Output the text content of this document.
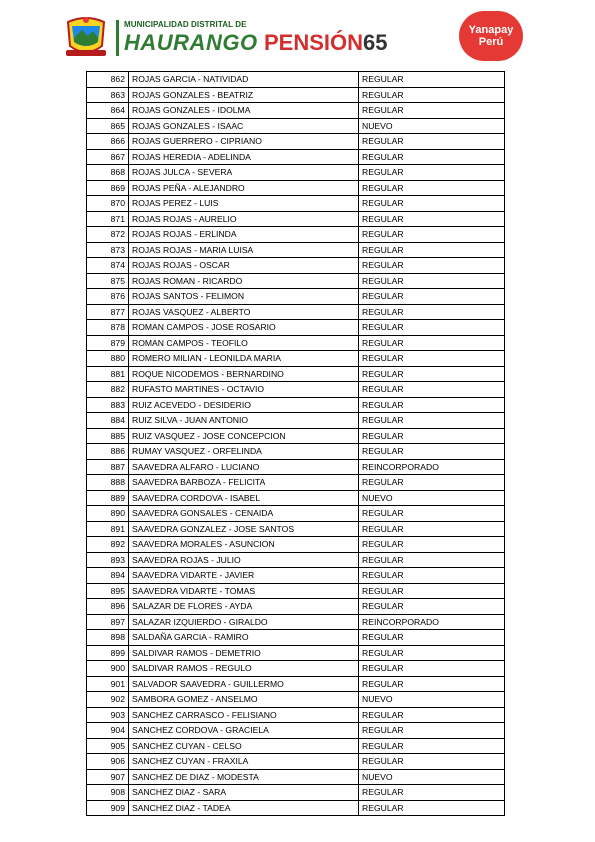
MUNICIPALIDAD DISTRITAL DE
HAURANGO PENSIÓN65	Yanapay
Perú
862	ROJAS GARCIA - NATIVIDAD	REGULAR
863	ROJAS GONZALES - BEATRIZ	REGULAR
864	ROJAS GONZALES - IDOLMA	REGULAR
865	ROJAS GONZALES - ISAAC	NUEVO
866	ROJAS GUERRERO - CIPRIANO	REGULAR
867	ROJAS HEREDIA - ADELINDA	REGULAR
868	ROJAS JULCA - SEVERA	REGULAR
869	ROJAS PEÑA - ALEJANDRO	REGULAR
870	ROJAS PEREZ - LUIS	REGULAR
871	ROJAS ROJAS - AURELIO	REGULAR
872	ROJAS ROJAS - ERLINDA	REGULAR
873	ROJAS ROJAS - MARIA LUISA	REGULAR
874	ROJAS ROJAS - OSCAR	REGULAR
875	ROJAS ROMAN - RICARDO	REGULAR
876	ROJAS SANTOS - FELIMON	REGULAR
877	ROJAS VASQUEZ - ALBERTO	REGULAR
878	ROMAN CAMPOS - JOSE ROSARIO	REGULAR
879	ROMAN CAMPOS - TEOFILO	REGULAR
880	ROMERO MILIAN - LEONILDA MARIA	REGULAR
881	ROQUE NICODEMOS - BERNARDINO	REGULAR
882	RUFASTO MARTINES - OCTAVIO	REGULAR
883	RUIZ ACEVEDO - DESIDERIO	REGULAR
884	RUIZ SILVA - JUAN ANTONIO	REGULAR
885	RUIZ VASQUEZ - JOSE CONCEPCION	REGULAR
886	RUMAY VASQUEZ - ORFELINDA	REGULAR
887	SAAVEDRA ALFARO - LUCIANO	REINCORPORADO
888	SAAVEDRA BARBOZA - FELICITA	REGULAR
889	SAAVEDRA CORDOVA - ISABEL	NUEVO
890	SAAVEDRA GONSALES - CENAIDA	REGULAR
891	SAAVEDRA GONZALEZ - JOSE SANTOS	REGULAR
892	SAAVEDRA MORALES - ASUNCION	REGULAR
893	SAAVEDRA ROJAS - JULIO	REGULAR
894	SAAVEDRA VIDARTE - JAVIER	REGULAR
895	SAAVEDRA VIDARTE - TOMAS	REGULAR
896	SALAZAR DE FLORES - AYDA	REGULAR
897	SALAZAR IZQUIERDO - GIRALDO	REINCORPORADO
898	SALDAÑA GARCIA - RAMIRO	REGULAR
899	SALDIVAR RAMOS - DEMETRIO	REGULAR
900	SALDIVAR RAMOS - REGULO	REGULAR
901	SALVADOR SAAVEDRA - GUILLERMO	REGULAR
902	SAMBORA GOMEZ - ANSELMO	NUEVO
903	SANCHEZ CARRASCO - FELISIANO	REGULAR
904	SANCHEZ CORDOVA - GRACIELA	REGULAR
905	SANCHEZ CUYAN - CELSO	REGULAR
906	SANCHEZ CUYAN - FRAXILA	REGULAR
907	SANCHEZ DE DIAZ - MODESTA	NUEVO
908	SANCHEZ DIAZ - SARA	REGULAR
909	SANCHEZ DIAZ - TADEA	REGULAR
